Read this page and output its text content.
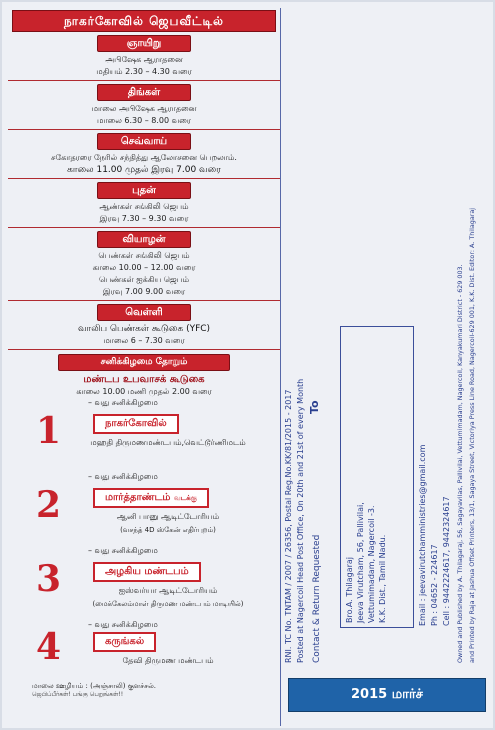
நாகர்கோவில் ஜெபவீட்டில்
ஞாயிறு
அபிஷேக ஆராதனை
மதியம் 2.30 – 4.30 வரை
திங்கள்
மாலை அபிஷேக ஆராதனை
மாலை 6.30 – 8.00 வரை
செவ்வாய்
சகோதரரை நேரில் சந்தித்து ஆலோசனை பெறலாம்.
காலை 11.00 முதல் இரவு 7.00 வரை
புதன்
ஆண்கள் சங்கிலி ஜெபம்
இரவு 7.30 – 9.30 வரை
வியாழன்
பெண்கள் சங்கிலி ஜெபம்
காலை 10.00 – 12.00 வரை
பெண்கள் ஐக்கிய ஜெபம்
இரவு 7.00 9.00 வரை
வெள்ளி
வாலிப பெண்கள் கூடுகை (YFC)
மாலை 6 – 7.30 வரை
சனிக்கிழமை தோறும்
மண்டப உபவாசக் கூடுகை
காலை 10.00 மணி முதல் 2.00 வரை
– வது சனிக்கிழமை
1	நாகர்கோவில்
மஹதி திருமணமண்டபம்,வெட்டூர்ணிமடம்
– வது சனிக்கிழமை
2	மார்த்தாண்டம் வடக்கு
ஆனி பானு ஆடிட்டோரியம்
(வசந்த் 4D ஸ்கேன் எதிர்புறம்)
– வது சனிக்கிழமை
3	அழகிய மண்டபம்
ஐஸ்வர்யா ஆடிட்டோரியம்
(மைக்கேலம்மாள் திருமண மண்டபம் மாடியில்)
– வது சனிக்கிழமை
4	கருங்கல்
தேவி திருமண மண்டபம்
மாலை ஊழியம் : (அஞ்சாலி) குளச்சல்.
ஜெபிப்பீர்கள்! பங்கு பெறுங்கள்!!
RNI. TC No. TNTAM / 2007 / 26356, Postal Reg.No.KK/81/2015 - 2017 Posted at Nagercoil Head Post Office, On 20th and 21st of every Month To
Contact & Return Requested	Bro.A. Thilagaraj Jeeva Virutcham, 56, Pallivilai, Vettumimadam, Nagercoil -3. K.K. Dist., Tamil Nadu.	Email : jeevavirutchamministries@gmail.com Ph : 04652 - 224617 Cell : 9442224617, 9442324617 Owned and Published by A. Thilagaraj, 56, Sagayavilas, Pallivilai, Vettumimadam, Nagercoil, Kanyakumari District - 629 003. and Printed by Raja at Jashua Offset Printers, 13/1, Sagaya Street, Victoriya Press Line Road, Nagercoil-629 001, K.K. Dist. Editor: A. Thilagaraj
2015 மார்ச்
